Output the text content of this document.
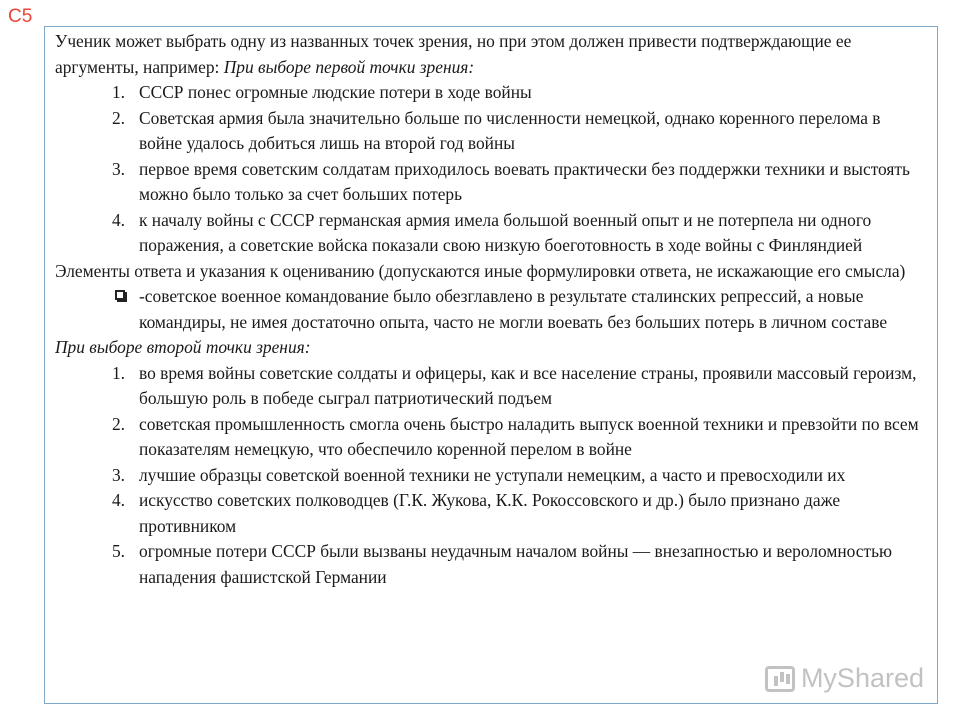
С5

Ученик может выбрать одну из названных точек зрения, но при этом должен привести подтверждающие ее аргументы, например: При выборе первой точки зрения:

1. СССР понес огромные людские потери в ходе войны
2. Советская армия была значительно больше по численности немецкой, однако коренного перелома в войне удалось добиться лишь на второй год войны
3. первое время советским солдатам приходилось воевать практически без поддержки техники и выстоять можно было только за счет больших потерь
4. к началу войны с СССР германская армия имела большой военный опыт и не потерпела ни одного поражения, а советские войска показали свою низкую боеготовность в ходе войны с Финляндией

Элементы ответа и указания к оцениванию (допускаются иные формулировки ответа, не искажающие его смысла)

-советское военное командование было обезглавлено в результате сталинских репрессий, а новые командиры, не имея достаточно опыта, часто не могли воевать без больших потерь в личном составе

При выборе второй точки зрения:

1. во время войны советские солдаты и офицеры, как и все население страны, проявили массовый героизм, большую роль в победе сыграл патриотический подъем
2. советская промышленность смогла очень быстро наладить выпуск военной техники и превзойти по всем показателям немецкую, что обеспечило коренной перелом в войне
3. лучшие образцы советской военной техники не уступали немецким, а часто и превосходили их
4. искусство советских полководцев (Г.К. Жукова, К.К. Рокоссовского и др.) было признано даже противником
5. огромные потери СССР были вызваны неудачным началом войны — внезапностью и вероломностью нападения фашистской Германии
MyShared
